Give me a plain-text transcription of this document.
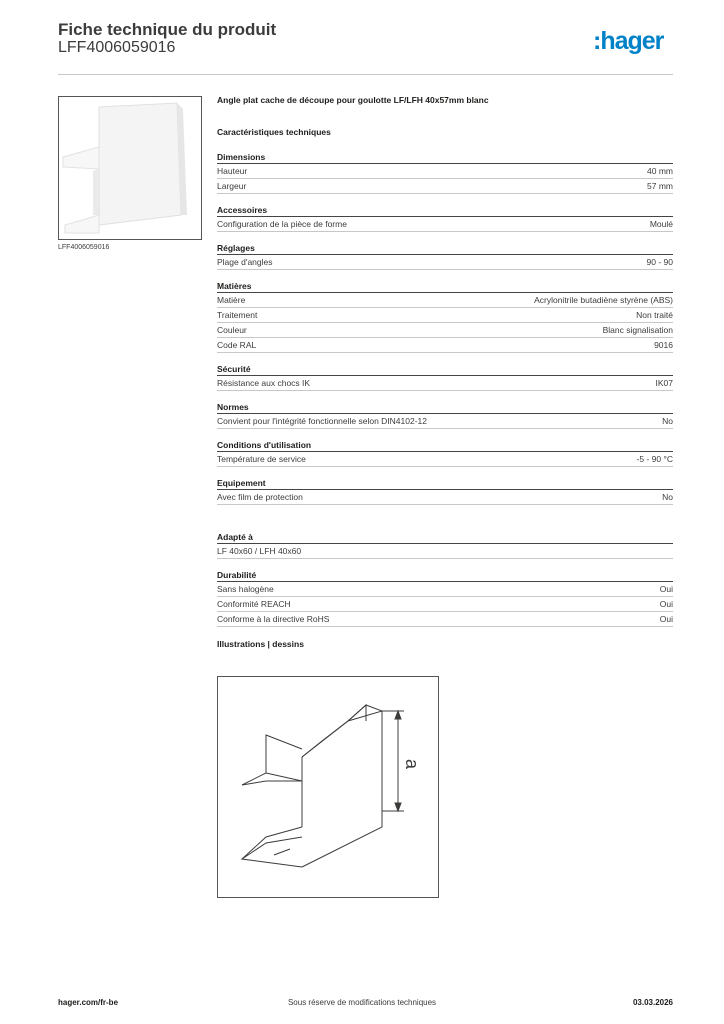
Fiche technique du produit
LFF4006059016	:hager
LFF4006059016
Angle plat cache de découpe pour goulotte LF/LFH 40x57mm blanc
Caractéristiques techniques
Dimensions
Hauteur	40 mm
Largeur	57 mm
Accessoires
Configuration de la pièce de forme	Moulé
Réglages
Plage d'angles	90 - 90
Matières
Matière	Acrylonitrile butadiène styrène (ABS)
Traitement	Non traité
Couleur	Blanc signalisation
Code RAL	9016
Sécurité
Résistance aux chocs IK	IK07
Normes
Convient pour l'intégrité fonctionnelle selon DIN4102-12	No
Conditions d'utilisation
Température de service	-5 - 90 °C
Equipement
Avec film de protection	No
Adapté à
LF 40x60 / LFH 40x60
Durabilité
Sans halogène	Oui
Conformité REACH	Oui
Conforme à la directive RoHS	Oui
Illustrations | dessins
a
hager.com/fr-be	Sous réserve de modifications techniques	03.03.2026
